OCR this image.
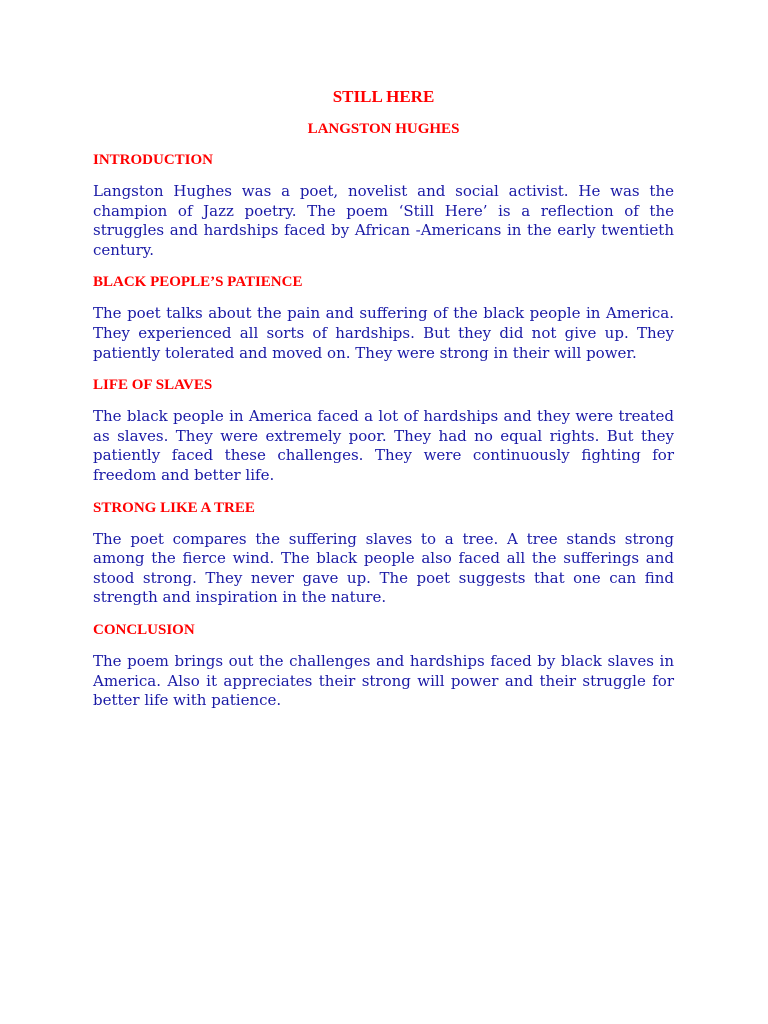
STILL HERE
LANGSTON HUGHES
INTRODUCTION

Langston Hughes was a poet, novelist and social activist. He was the champion of Jazz poetry. The poem ‘Still Here’ is a reflection of the struggles and hardships faced by African -Americans in the early twentieth century.

BLACK PEOPLE’S PATIENCE

The poet talks about the pain and suffering of the black people in America. They experienced all sorts of hardships. But they did not give up. They patiently tolerated and moved on. They were strong in their will power.

LIFE OF SLAVES

The black people in America faced a lot of hardships and they were treated as slaves. They were extremely poor. They had no equal rights. But they patiently faced these challenges. They were continuously fighting for freedom and better life.

STRONG LIKE A TREE

The poet compares the suffering slaves to a tree. A tree stands strong among the fierce wind. The black people also faced all the sufferings and stood strong. They never gave up. The poet suggests that one can find strength and inspiration in the nature.

CONCLUSION

The poem brings out the challenges and hardships faced by black slaves in America. Also it appreciates their strong will power and their struggle for better life with patience.
